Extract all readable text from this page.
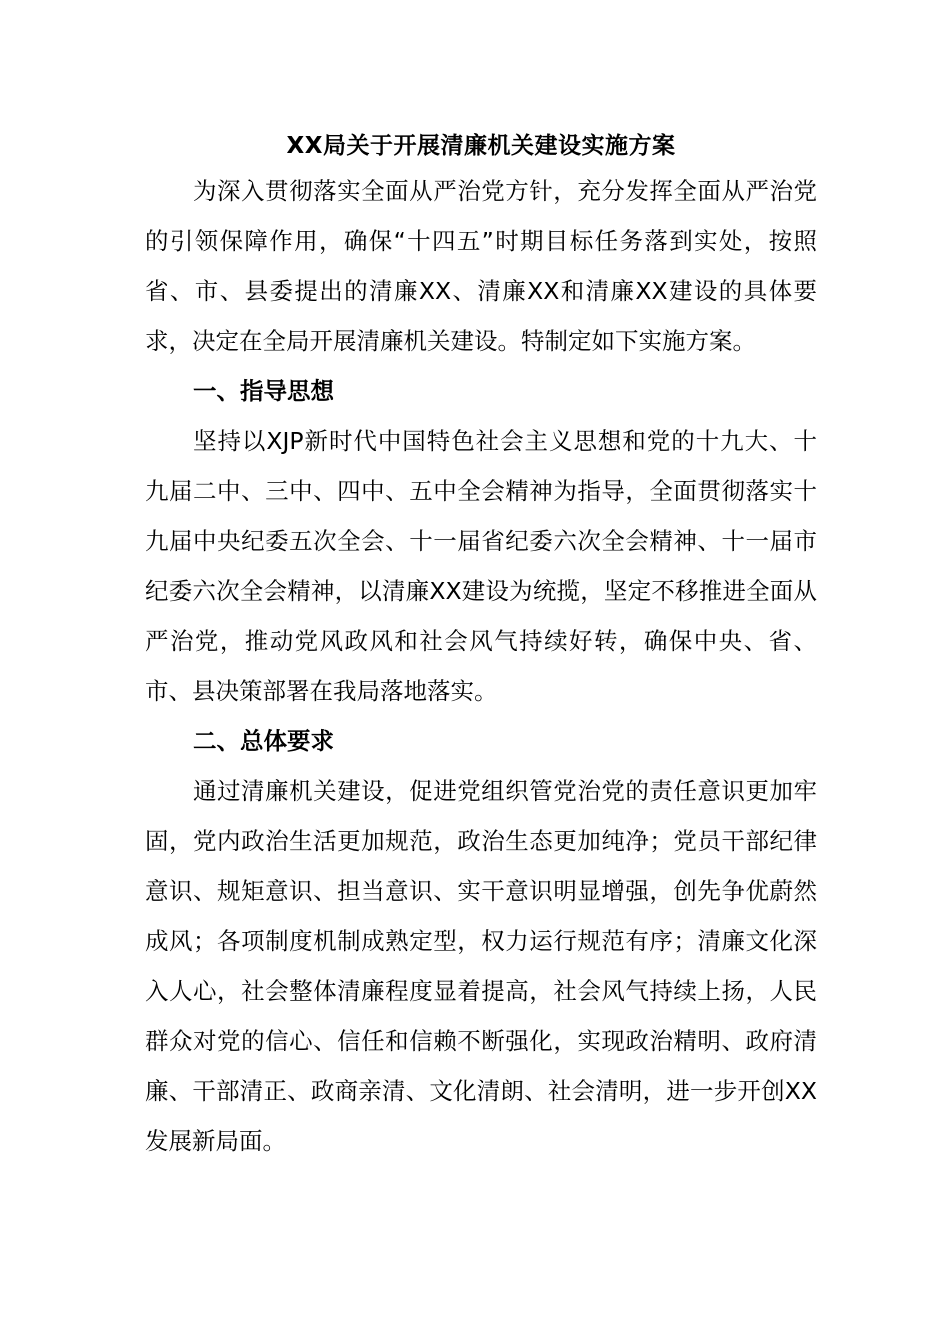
XX局关于开展清廉机关建设实施方案

为深入贯彻落实全面从严治党方针，充分发挥全面从严治党的引领保障作用，确保“十四五”时期目标任务落到实处，按照省、市、县委提出的清廉XX、清廉XX和清廉XX建设的具体要求，决定在全局开展清廉机关建设。特制定如下实施方案。

一、指导思想

坚持以XJP新时代中国特色社会主义思想和党的十九大、十九届二中、三中、四中、五中全会精神为指导，全面贯彻落实十九届中央纪委五次全会、十一届省纪委六次全会精神、十一届市纪委六次全会精神，以清廉XX建设为统揽，坚定不移推进全面从严治党，推动党风政风和社会风气持续好转，确保中央、省、市、县决策部署在我局落地落实。

二、总体要求

通过清廉机关建设，促进党组织管党治党的责任意识更加牢固，党内政治生活更加规范，政治生态更加纯净；党员干部纪律意识、规矩意识、担当意识、实干意识明显增强，创先争优蔚然成风；各项制度机制成熟定型，权力运行规范有序；清廉文化深入人心，社会整体清廉程度显着提高，社会风气持续上扬，人民群众对党的信心、信任和信赖不断强化，实现政治精明、政府清廉、干部清正、政商亲清、文化清朗、社会清明，进一步开创XX发展新局面。
